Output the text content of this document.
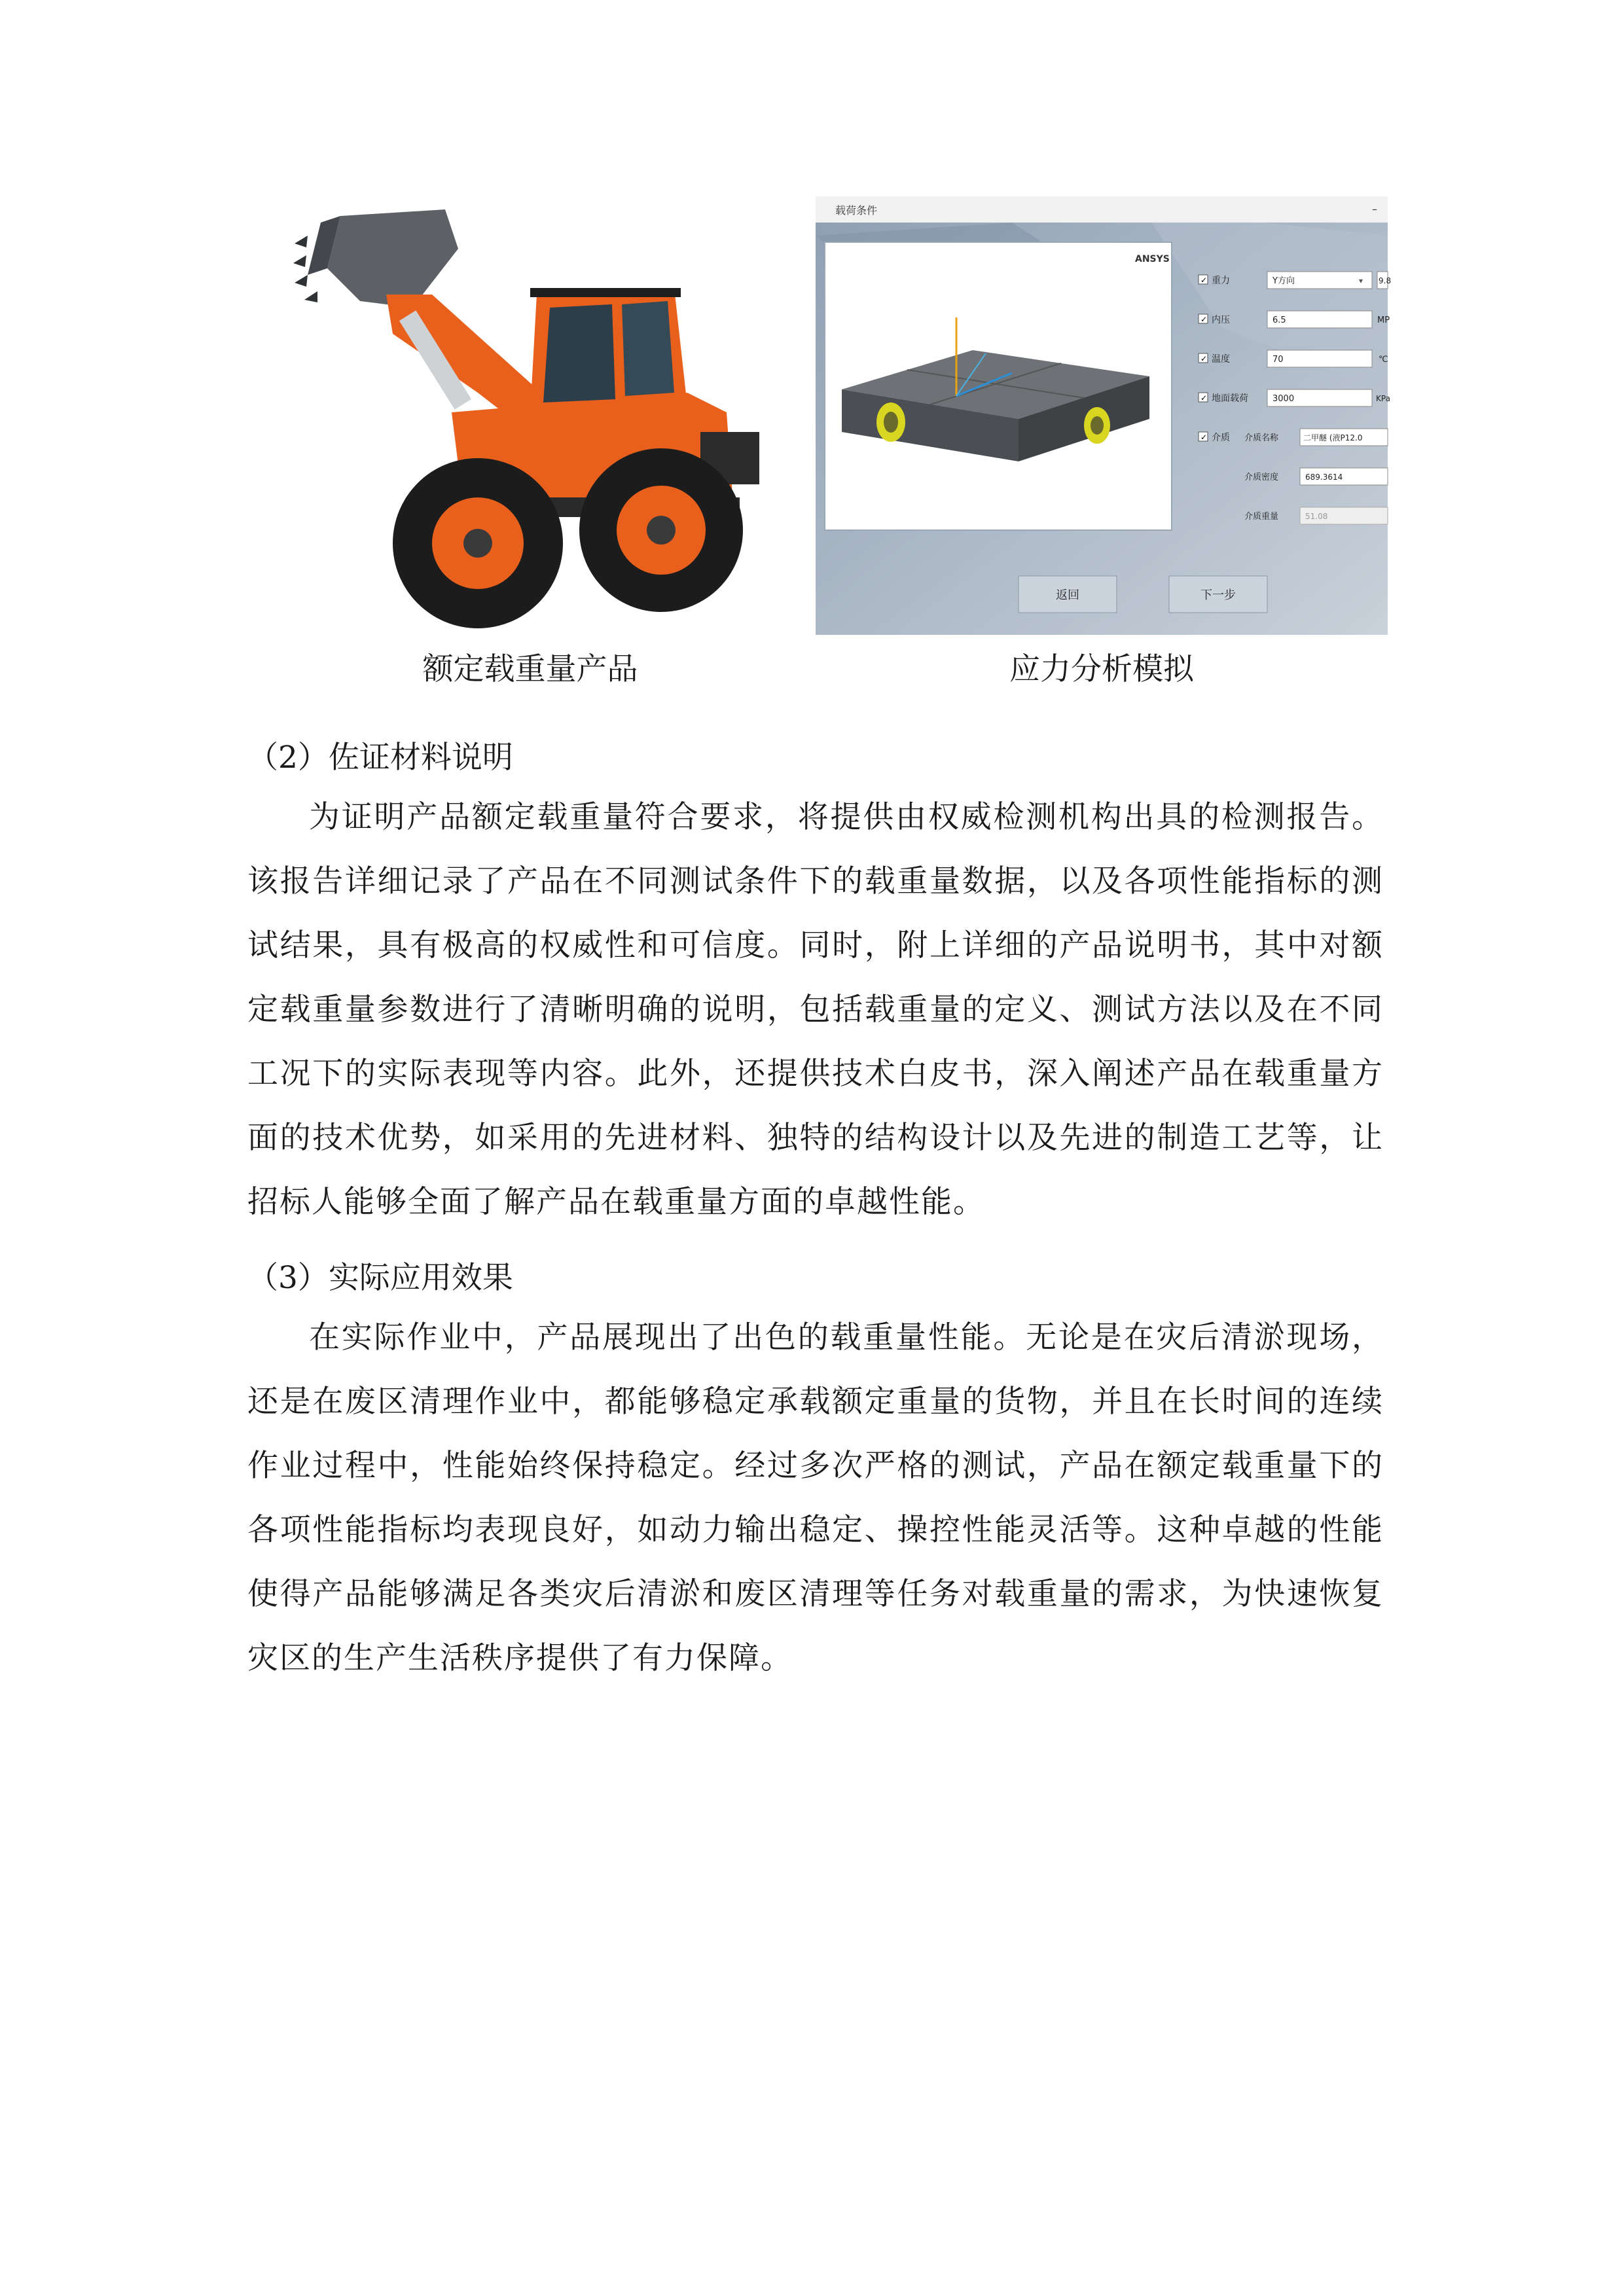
载荷条件	–
ANSYS
✓ 重力	Y方向	▾ 9.8
✓ 内压	6.5	MP
✓ 温度	70	℃
✓ 地面载荷	3000	KPa
✓ 介质 介质名称	二甲醚 (液P12.0
介质密度	689.3614
介质重量	51.08
返回	下一步
额定载重量产品	应力分析模拟
（2）佐证材料说明
为证明产品额定载重量符合要求，将提供由权威检测机构出具的检测报告。该报告详细记录了产品在不同测试条件下的载重量数据，以及各项性能指标的测试结果，具有极高的权威性和可信度。同时，附上详细的产品说明书，其中对额定载重量参数进行了清晰明确的说明，包括载重量的定义、测试方法以及在不同工况下的实际表现等内容。此外，还提供技术白皮书，深入阐述产品在载重量方面的技术优势，如采用的先进材料、独特的结构设计以及先进的制造工艺等，让招标人能够全面了解产品在载重量方面的卓越性能。
（3）实际应用效果
在实际作业中，产品展现出了出色的载重量性能。无论是在灾后清淤现场，还是在废区清理作业中，都能够稳定承载额定重量的货物，并且在长时间的连续作业过程中，性能始终保持稳定。经过多次严格的测试，产品在额定载重量下的各项性能指标均表现良好，如动力输出稳定、操控性能灵活等。这种卓越的性能使得产品能够满足各类灾后清淤和废区清理等任务对载重量的需求，为快速恢复灾区的生产生活秩序提供了有力保障。
